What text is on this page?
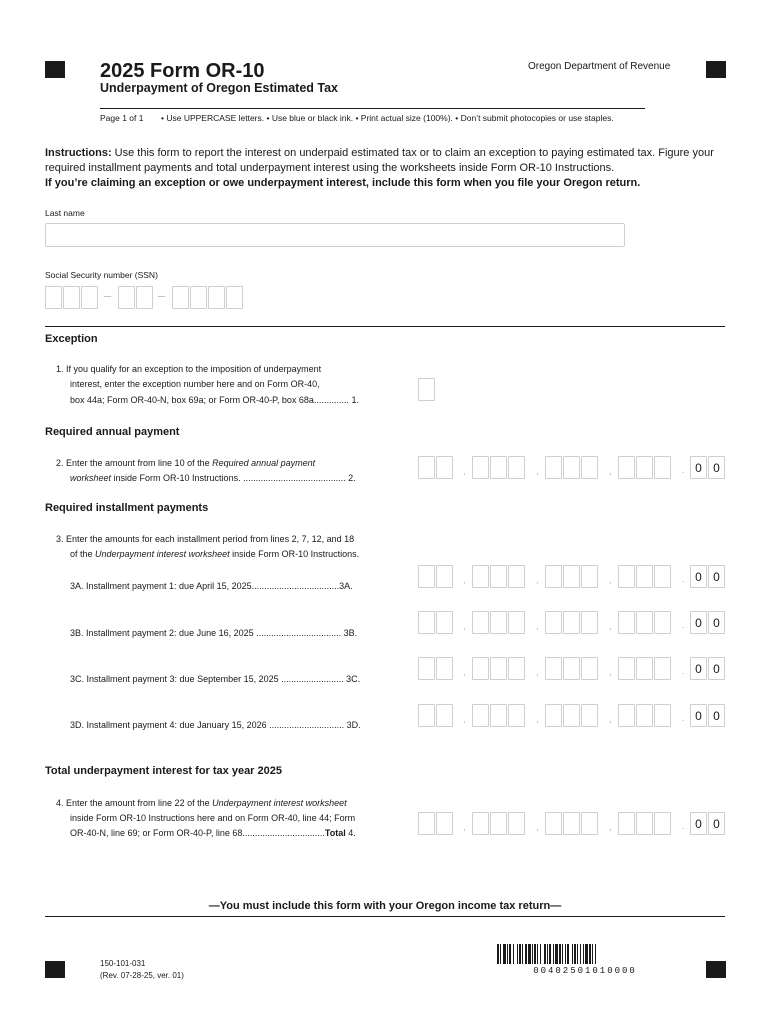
2025 Form OR-10	Oregon Department of Revenue
Underpayment of Oregon Estimated Tax
Page 1 of 1 • Use UPPERCASE letters. • Use blue or black ink. • Print actual size (100%). • Don’t submit photocopies or use staples.
Instructions: Use this form to report the interest on underpaid estimated tax or to claim an exception to paying estimated tax. Figure your required installment payments and total underpayment interest using the worksheets inside Form OR-10 Instructions.
If you’re claiming an exception or owe underpayment interest, include this form when you file your Oregon return.
Last name
Social Security number (SSN)
–	–
Exception
1. If you qualify for an exception to the imposition of underpayment
interest, enter the exception number here and on Form OR-40,
box 44a; Form OR-40-N, box 69a; or Form OR-40-P, box 68a.............. 1.
Required annual payment
2. Enter the amount from line 10 of the Required annual payment
worksheet inside Form OR-10 Instructions. ......................................... 2.
,	,	,	. 0 0
Required installment payments
3. Enter the amounts for each installment period from lines 2, 7, 12, and 18
of the Underpayment interest worksheet inside Form OR-10 Instructions.
3A. Installment payment 1: due April 15, 2025...................................3A.
,	,	,	. 0 0
3B. Installment payment 2: due June 16, 2025 .................................. 3B.
,	,	,	. 0 0
3C. Installment payment 3: due September 15, 2025 ......................... 3C.
,	,	,	. 0 0
3D. Installment payment 4: due January 15, 2026 .............................. 3D.
,	,	,	. 0 0
Total underpayment interest for tax year 2025
4. Enter the amount from line 22 of the Underpayment interest worksheet
inside Form OR-10 Instructions here and on Form OR-40, line 44; Form
OR-40-N, line 69; or Form OR-40-P, line 68.................................Total 4.
,	,	,	. 0 0
—You must include this form with your Oregon income tax return—
150-101-031
(Rev. 07-28-25, ver. 01)	00402501010000
